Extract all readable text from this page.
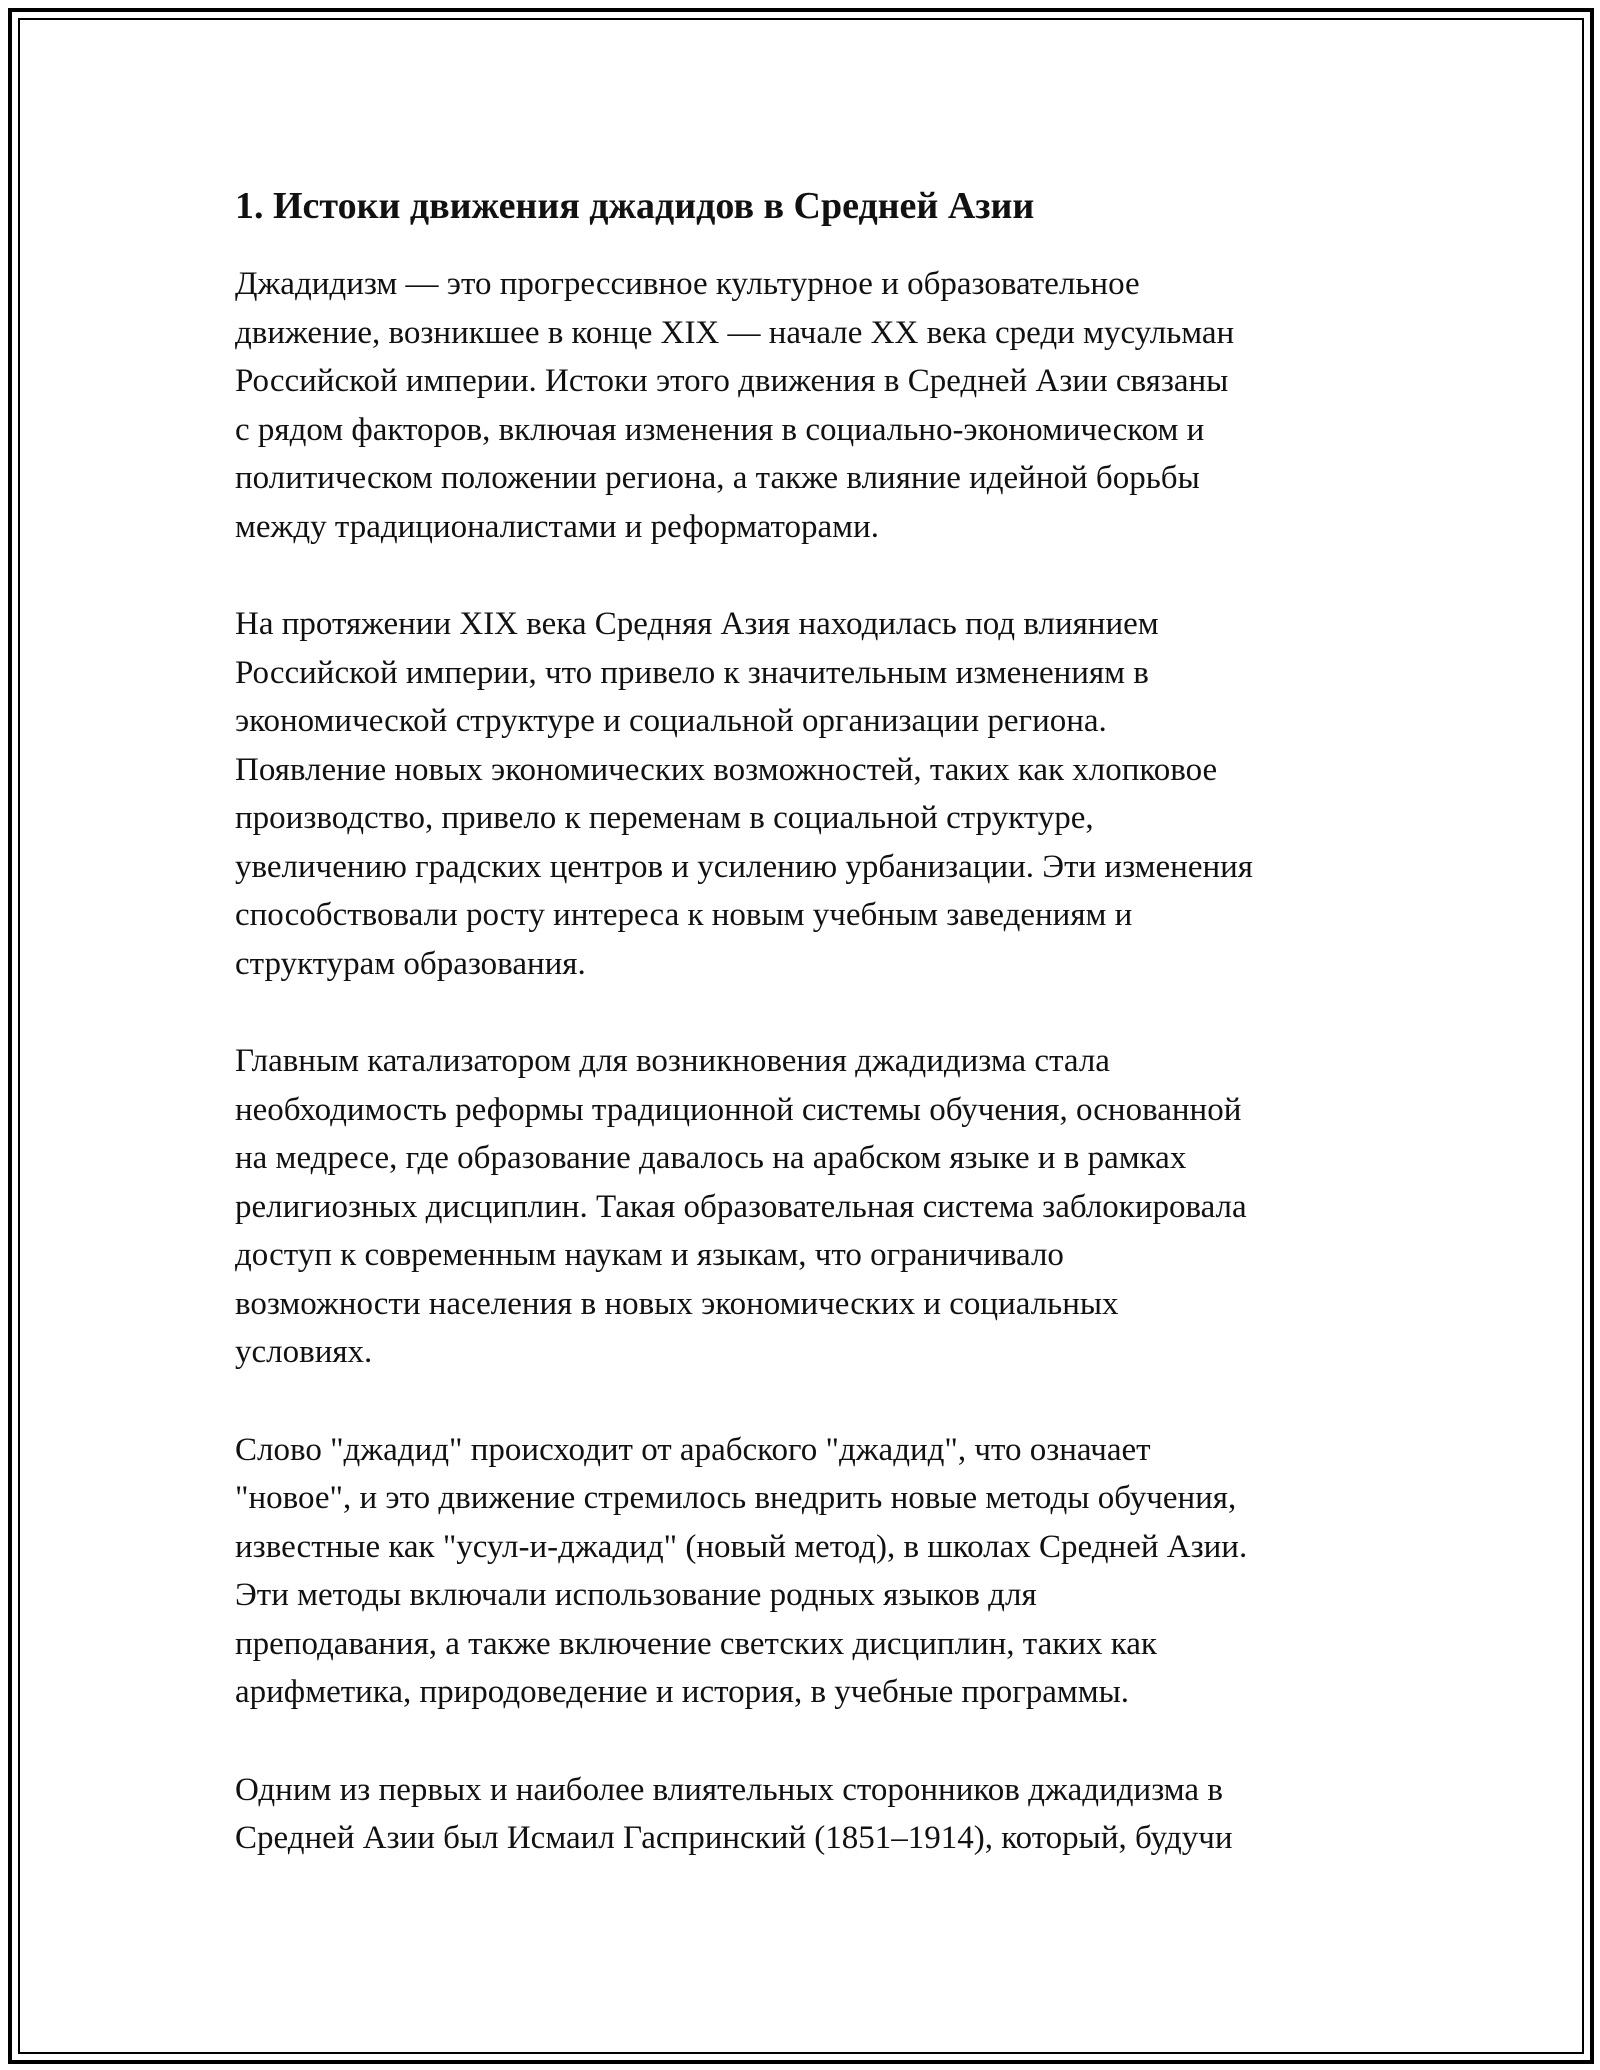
1. Истоки движения джадидов в Средней Азии

Джадидизм — это прогрессивное культурное и образовательное
движение, возникшее в конце XIX — начале XX века среди мусульман
Российской империи. Истоки этого движения в Средней Азии связаны
с рядом факторов, включая изменения в социально-экономическом и
политическом положении региона, а также влияние идейной борьбы
между традиционалистами и реформаторами.

На протяжении XIX века Средняя Азия находилась под влиянием
Российской империи, что привело к значительным изменениям в
экономической структуре и социальной организации региона.
Появление новых экономических возможностей, таких как хлопковое
производство, привело к переменам в социальной структуре,
увеличению градских центров и усилению урбанизации. Эти изменения
способствовали росту интереса к новым учебным заведениям и
структурам образования.

Главным катализатором для возникновения джадидизма стала
необходимость реформы традиционной системы обучения, основанной
на медресе, где образование давалось на арабском языке и в рамках
религиозных дисциплин. Такая образовательная система заблокировала
доступ к современным наукам и языкам, что ограничивало
возможности населения в новых экономических и социальных
условиях.

Слово "джадид" происходит от арабского "джадид", что означает
"новое", и это движение стремилось внедрить новые методы обучения,
известные как "усул-и-джадид" (новый метод), в школах Средней Азии.
Эти методы включали использование родных языков для
преподавания, а также включение светских дисциплин, таких как
арифметика, природоведение и история, в учебные программы.

Одним из первых и наиболее влиятельных сторонников джадидизма в
Средней Азии был Исмаил Гаспринский (1851–1914), который, будучи
